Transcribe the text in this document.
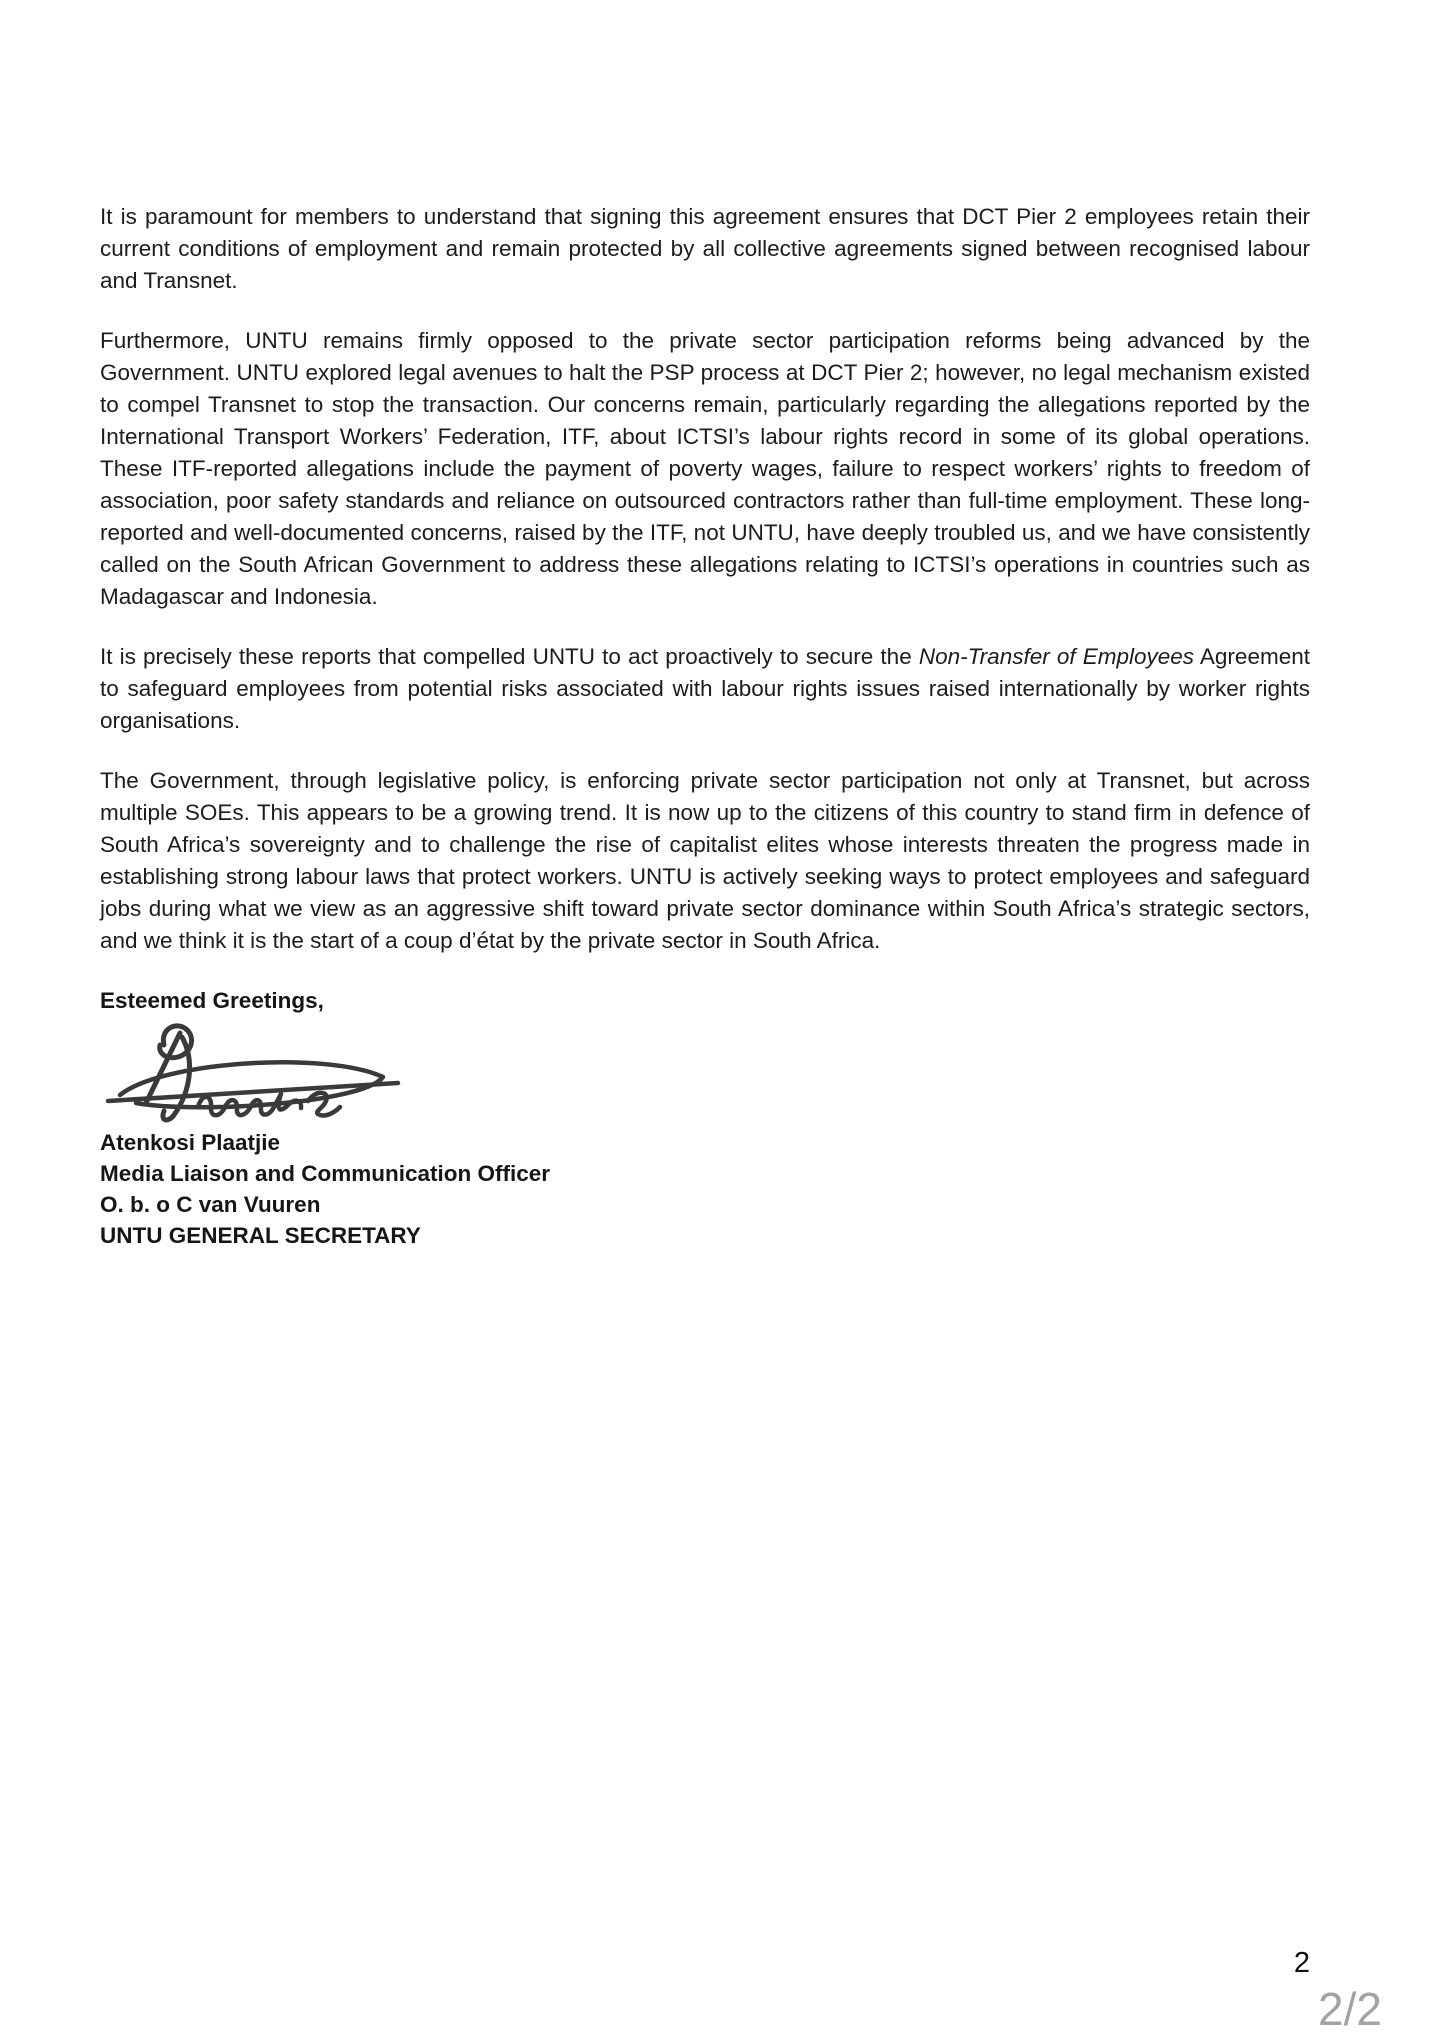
It is paramount for members to understand that signing this agreement ensures that DCT Pier 2 employees retain their current conditions of employment and remain protected by all collective agreements signed between recognised labour and Transnet.

Furthermore, UNTU remains firmly opposed to the private sector participation reforms being advanced by the Government. UNTU explored legal avenues to halt the PSP process at DCT Pier 2; however, no legal mechanism existed to compel Transnet to stop the transaction. Our concerns remain, particularly regarding the allegations reported by the International Transport Workers’ Federation, ITF, about ICTSI’s labour rights record in some of its global operations. These ITF-reported allegations include the payment of poverty wages, failure to respect workers’ rights to freedom of association, poor safety standards and reliance on outsourced contractors rather than full-time employment. These long-reported and well-documented concerns, raised by the ITF, not UNTU, have deeply troubled us, and we have consistently called on the South African Government to address these allegations relating to ICTSI’s operations in countries such as Madagascar and Indonesia.

It is precisely these reports that compelled UNTU to act proactively to secure the Non-Transfer of Employees Agreement to safeguard employees from potential risks associated with labour rights issues raised internationally by worker rights organisations.

The Government, through legislative policy, is enforcing private sector participation not only at Transnet, but across multiple SOEs. This appears to be a growing trend. It is now up to the citizens of this country to stand firm in defence of South Africa’s sovereignty and to challenge the rise of capitalist elites whose interests threaten the progress made in establishing strong labour laws that protect workers. UNTU is actively seeking ways to protect employees and safeguard jobs during what we view as an aggressive shift toward private sector dominance within South Africa’s strategic sectors, and we think it is the start of a coup d’état by the private sector in South Africa.

Esteemed Greetings,

Atenkosi Plaatjie
Media Liaison and Communication Officer
O. b. o C van Vuuren
UNTU GENERAL SECRETARY
2
2/2
